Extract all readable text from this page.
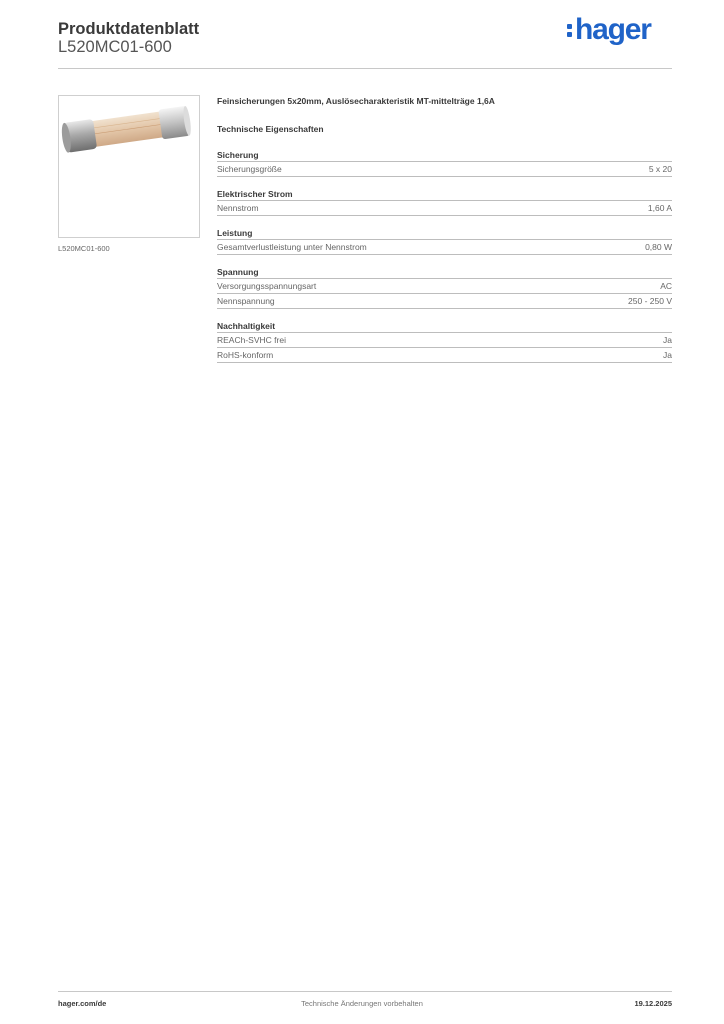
Produktdatenblatt
L520MC01-600
hager
L520MC01-600
Feinsicherungen 5x20mm, Auslösecharakteristik MT-mittelträge 1,6A
Technische Eigenschaften
Sicherung
Sicherungsgröße	5 x 20
Elektrischer Strom
Nennstrom	1,60 A
Leistung
Gesamtverlustleistung unter Nennstrom	0,80 W
Spannung
Versorgungsspannungsart	AC
Nennspannung	250 - 250 V
Nachhaltigkeit
REACh-SVHC frei	Ja
RoHS-konform	Ja
hager.com/de	Technische Änderungen vorbehalten	19.12.2025
